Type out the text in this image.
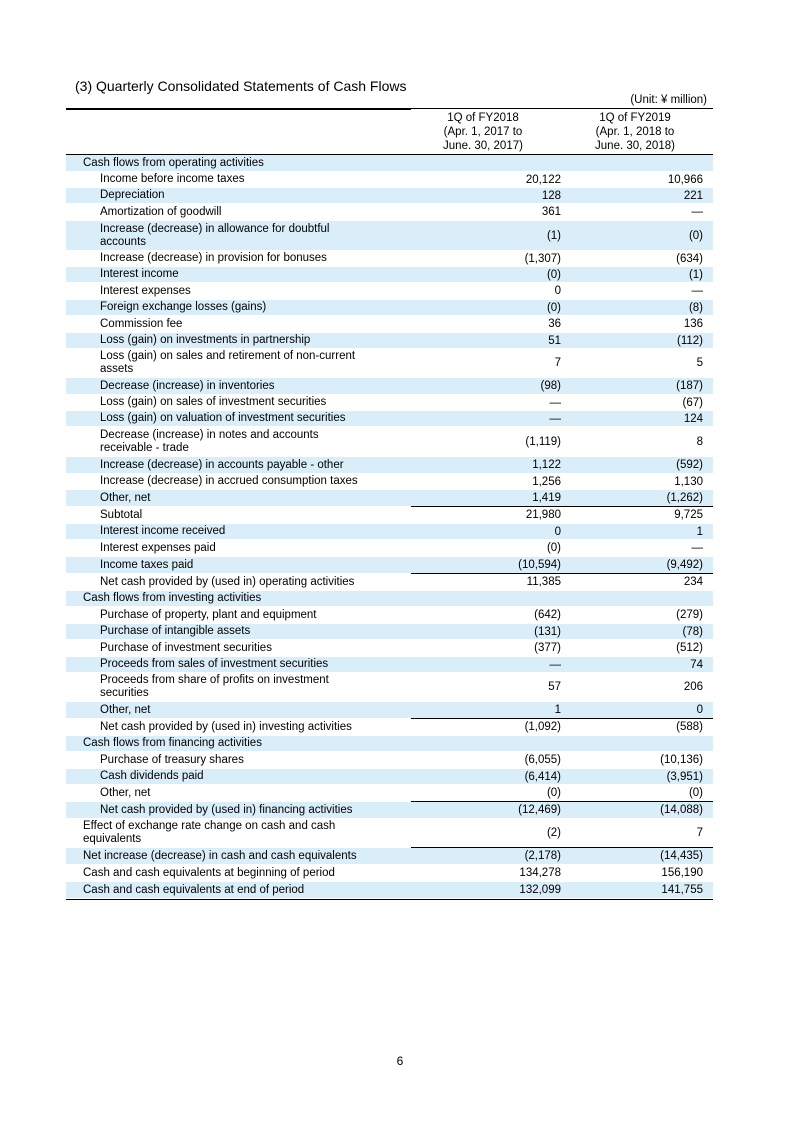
(3) Quarterly Consolidated Statements of Cash Flows
(Unit: ¥ million)
1Q of FY2018
(Apr. 1, 2017 to
June. 30, 2017)
1Q of FY2019
(Apr. 1, 2018 to
June. 30, 2018)
Cash flows from operating activities
Income before income taxes	20,122	10,966
Depreciation	128	221
Amortization of goodwill	361	―
Increase (decrease) in allowance for doubtful accounts	(1)	(0)
Increase (decrease) in provision for bonuses	(1,307)	(634)
Interest income	(0)	(1)
Interest expenses	0	―
Foreign exchange losses (gains)	(0)	(8)
Commission fee	36	136
Loss (gain) on investments in partnership	51	(112)
Loss (gain) on sales and retirement of non-current assets	7	5
Decrease (increase) in inventories	(98)	(187)
Loss (gain) on sales of investment securities	―	(67)
Loss (gain) on valuation of investment securities	―	124
Decrease (increase) in notes and accounts receivable - trade	(1,119)	8
Increase (decrease) in accounts payable - other	1,122	(592)
Increase (decrease) in accrued consumption taxes	1,256	1,130
Other, net	1,419	(1,262)
Subtotal	21,980	9,725
Interest income received	0	1
Interest expenses paid	(0)	―
Income taxes paid	(10,594)	(9,492)
Net cash provided by (used in) operating activities	11,385	234
Cash flows from investing activities
Purchase of property, plant and equipment	(642)	(279)
Purchase of intangible assets	(131)	(78)
Purchase of investment securities	(377)	(512)
Proceeds from sales of investment securities	―	74
Proceeds from share of profits on investment securities	57	206
Other, net	1	0
Net cash provided by (used in) investing activities	(1,092)	(588)
Cash flows from financing activities
Purchase of treasury shares	(6,055)	(10,136)
Cash dividends paid	(6,414)	(3,951)
Other, net	(0)	(0)
Net cash provided by (used in) financing activities	(12,469)	(14,088)
Effect of exchange rate change on cash and cash equivalents	(2)	7
Net increase (decrease) in cash and cash equivalents	(2,178)	(14,435)
Cash and cash equivalents at beginning of period	134,278	156,190
Cash and cash equivalents at end of period	132,099	141,755
6
